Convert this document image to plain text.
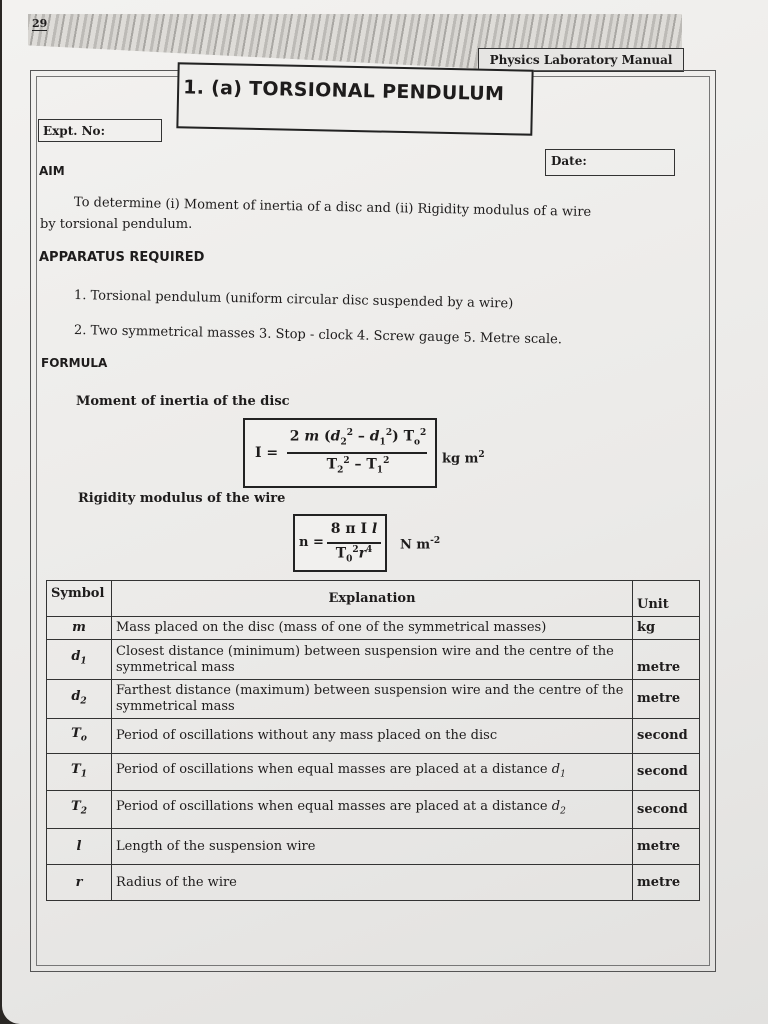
29
Physics Laboratory Manual
1. (a) TORSIONAL PENDULUM
Expt. No:
Date:
AIM
To determine (i) Moment of inertia of a disc and (ii) Rigidity modulus of a wire
by torsional pendulum.
APPARATUS REQUIRED
1. Torsional pendulum (uniform circular disc suspended by a wire)
2. Two symmetrical masses 3. Stop - clock 4. Screw gauge 5. Metre scale.
FORMULA
Moment of inertia of the disc
I =
2 m $(d_2^2 - d_1^2)$ $T_o^2$
$T_2^2 - T_1^2$	kg $m^2$
Rigidity modulus of the wire
n =
8 π I l
$T_0^2r^4$	N $m^{-2}$
Symbol	Explanation	Unit
m	Mass placed on the disc (mass of one of the symmetrical masses)	kg
$d_1$	Closest distance (minimum) between suspension wire and the centre of the symmetrical mass	metre
$d_2$	Farthest distance (maximum) between suspension wire and the centre of the symmetrical mass	metre
$T_o$	Period of oscillations without any mass placed on the disc	second
$T_1$	Period of oscillations when equal masses are placed at a distance $d_1$	second
$T_2$	Period of oscillations when equal masses are placed at a distance $d_2$	second
l	Length of the suspension wire	metre
r	Radius of the wire	metre
